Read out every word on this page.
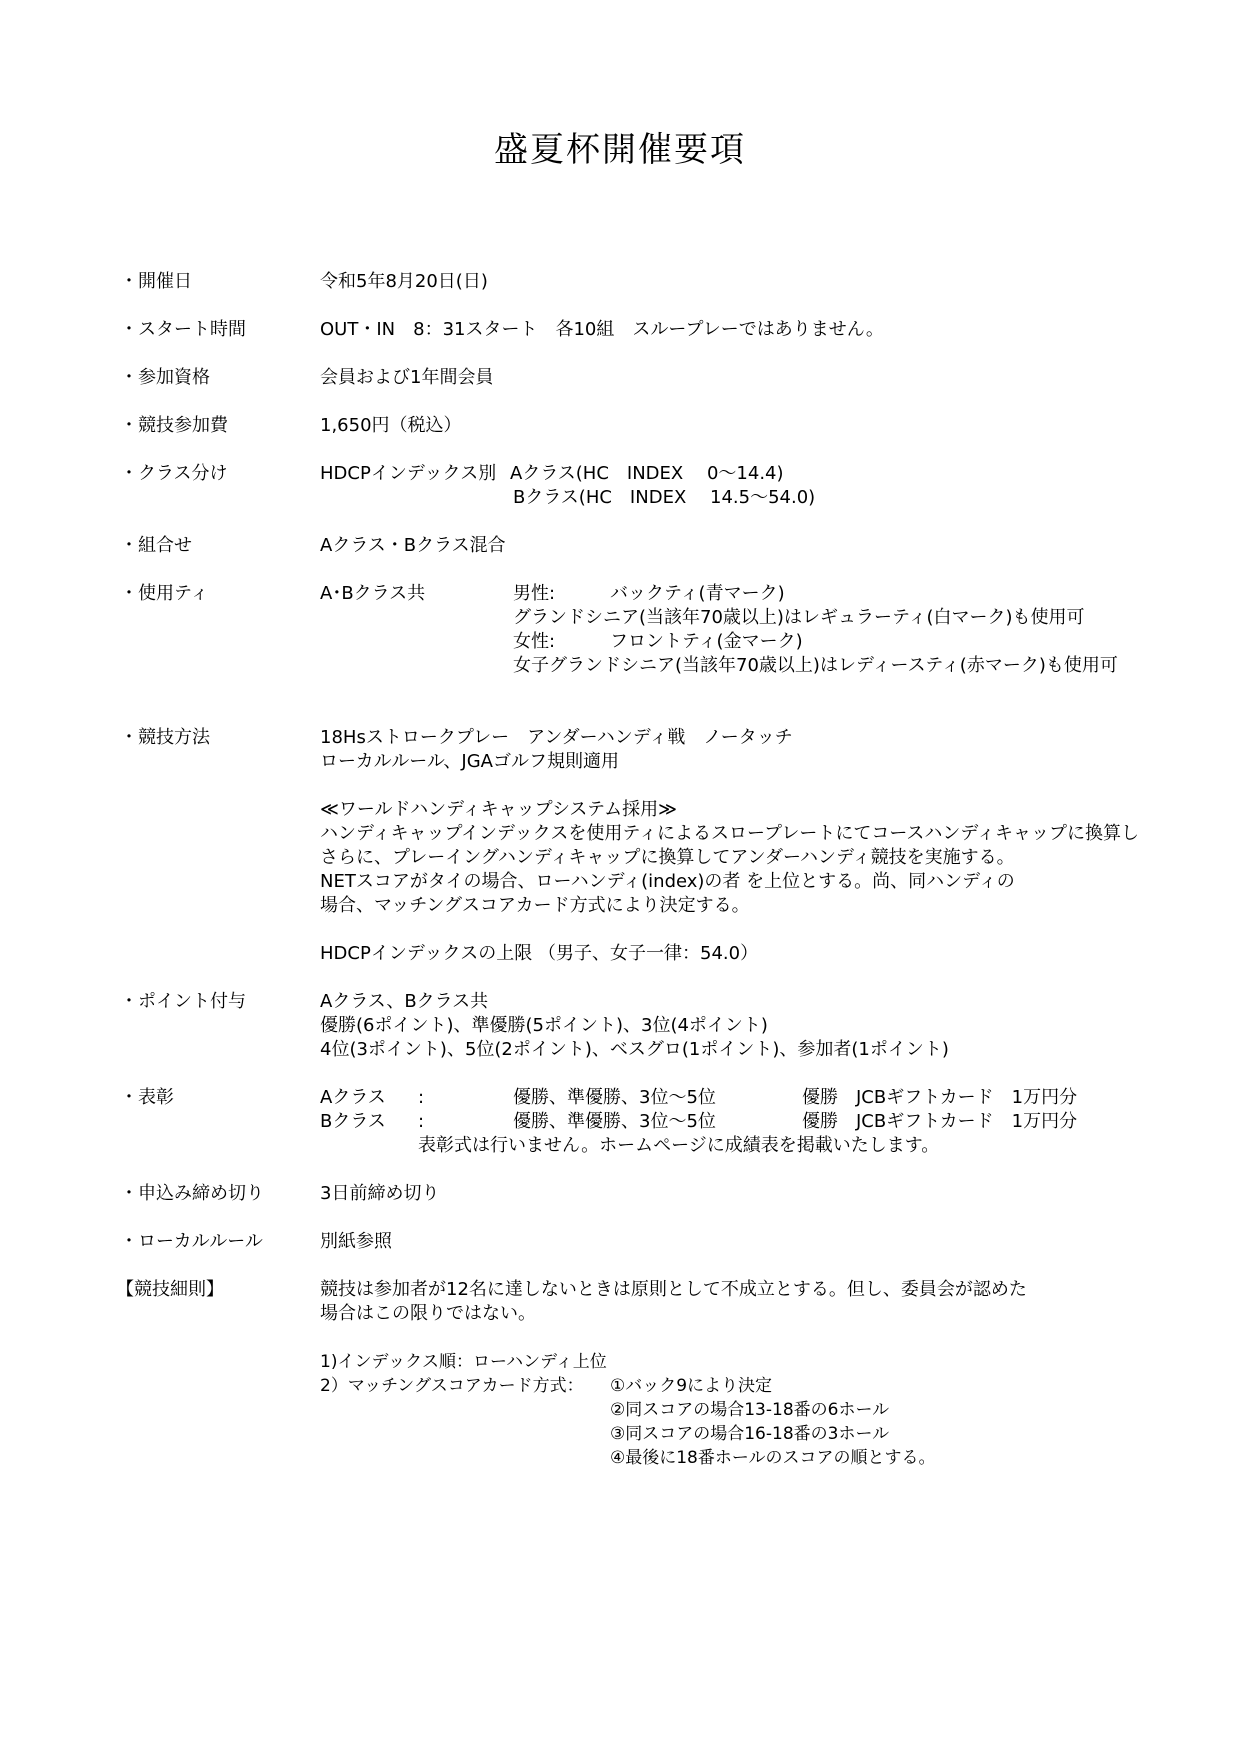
盛夏杯開催要項
・開催日	令和5年8月20日(日)
・スタート時間	OUT・IN　8：31スタート　各10組　スループレーではありません。
・参加資格	会員および1年間会員
・競技参加費	1,650円（税込）
・クラス分け	HDCPインデックス別 Aクラス(HC　INDEX　 0～14.4)
Bクラス(HC　INDEX　 14.5～54.0)
・組合せ	Aクラス・Bクラス混合
・使用ティ	A･Bクラス共	男性:	バックティ(青マーク)
グランドシニア(当該年70歳以上)はレギュラーティ(白マーク)も使用可
女性:	フロントティ(金マーク)
女子グランドシニア(当該年70歳以上)はレディースティ(赤マーク)も使用可
・競技方法	18Hsストロークプレー　アンダーハンディ戦　ノータッチ
ローカルルール、JGAゴルフ規則適用
≪ワールドハンディキャップシステム採用≫
ハンディキャップインデックスを使用ティによるスロープレートにてコースハンディキャップに換算し
さらに、プレーイングハンディキャップに換算してアンダーハンディ競技を実施する。
NETスコアがタイの場合、ローハンディ(index)の者 を上位とする。尚、同ハンディの
場合、マッチングスコアカード方式により決定する。
HDCPインデックスの上限 （男子、女子一律：54.0）
・ポイント付与	Aクラス、Bクラス共
優勝(6ポイント)、準優勝(5ポイント)、3位(4ポイント)
4位(3ポイント)、5位(2ポイント)、ベスグロ(1ポイント)、参加者(1ポイント)
・表彰	Aクラス :	優勝、準優勝、3位～5位	優勝　JCBギフトカード　1万円分
Bクラス :	優勝、準優勝、3位～5位	優勝　JCBギフトカード　1万円分
表彰式は行いません。ホームページに成績表を掲載いたします。
・申込み締め切り	3日前締め切り
・ローカルルール	別紙参照
【競技細則】	競技は参加者が12名に達しないときは原則として不成立とする。但し、委員会が認めた
場合はこの限りではない。
1)インデックス順：ローハンディ上位
2）マッチングスコアカード方式： ①バック9により決定
②同スコアの場合13-18番の6ホール
③同スコアの場合16-18番の3ホール
④最後に18番ホールのスコアの順とする。
